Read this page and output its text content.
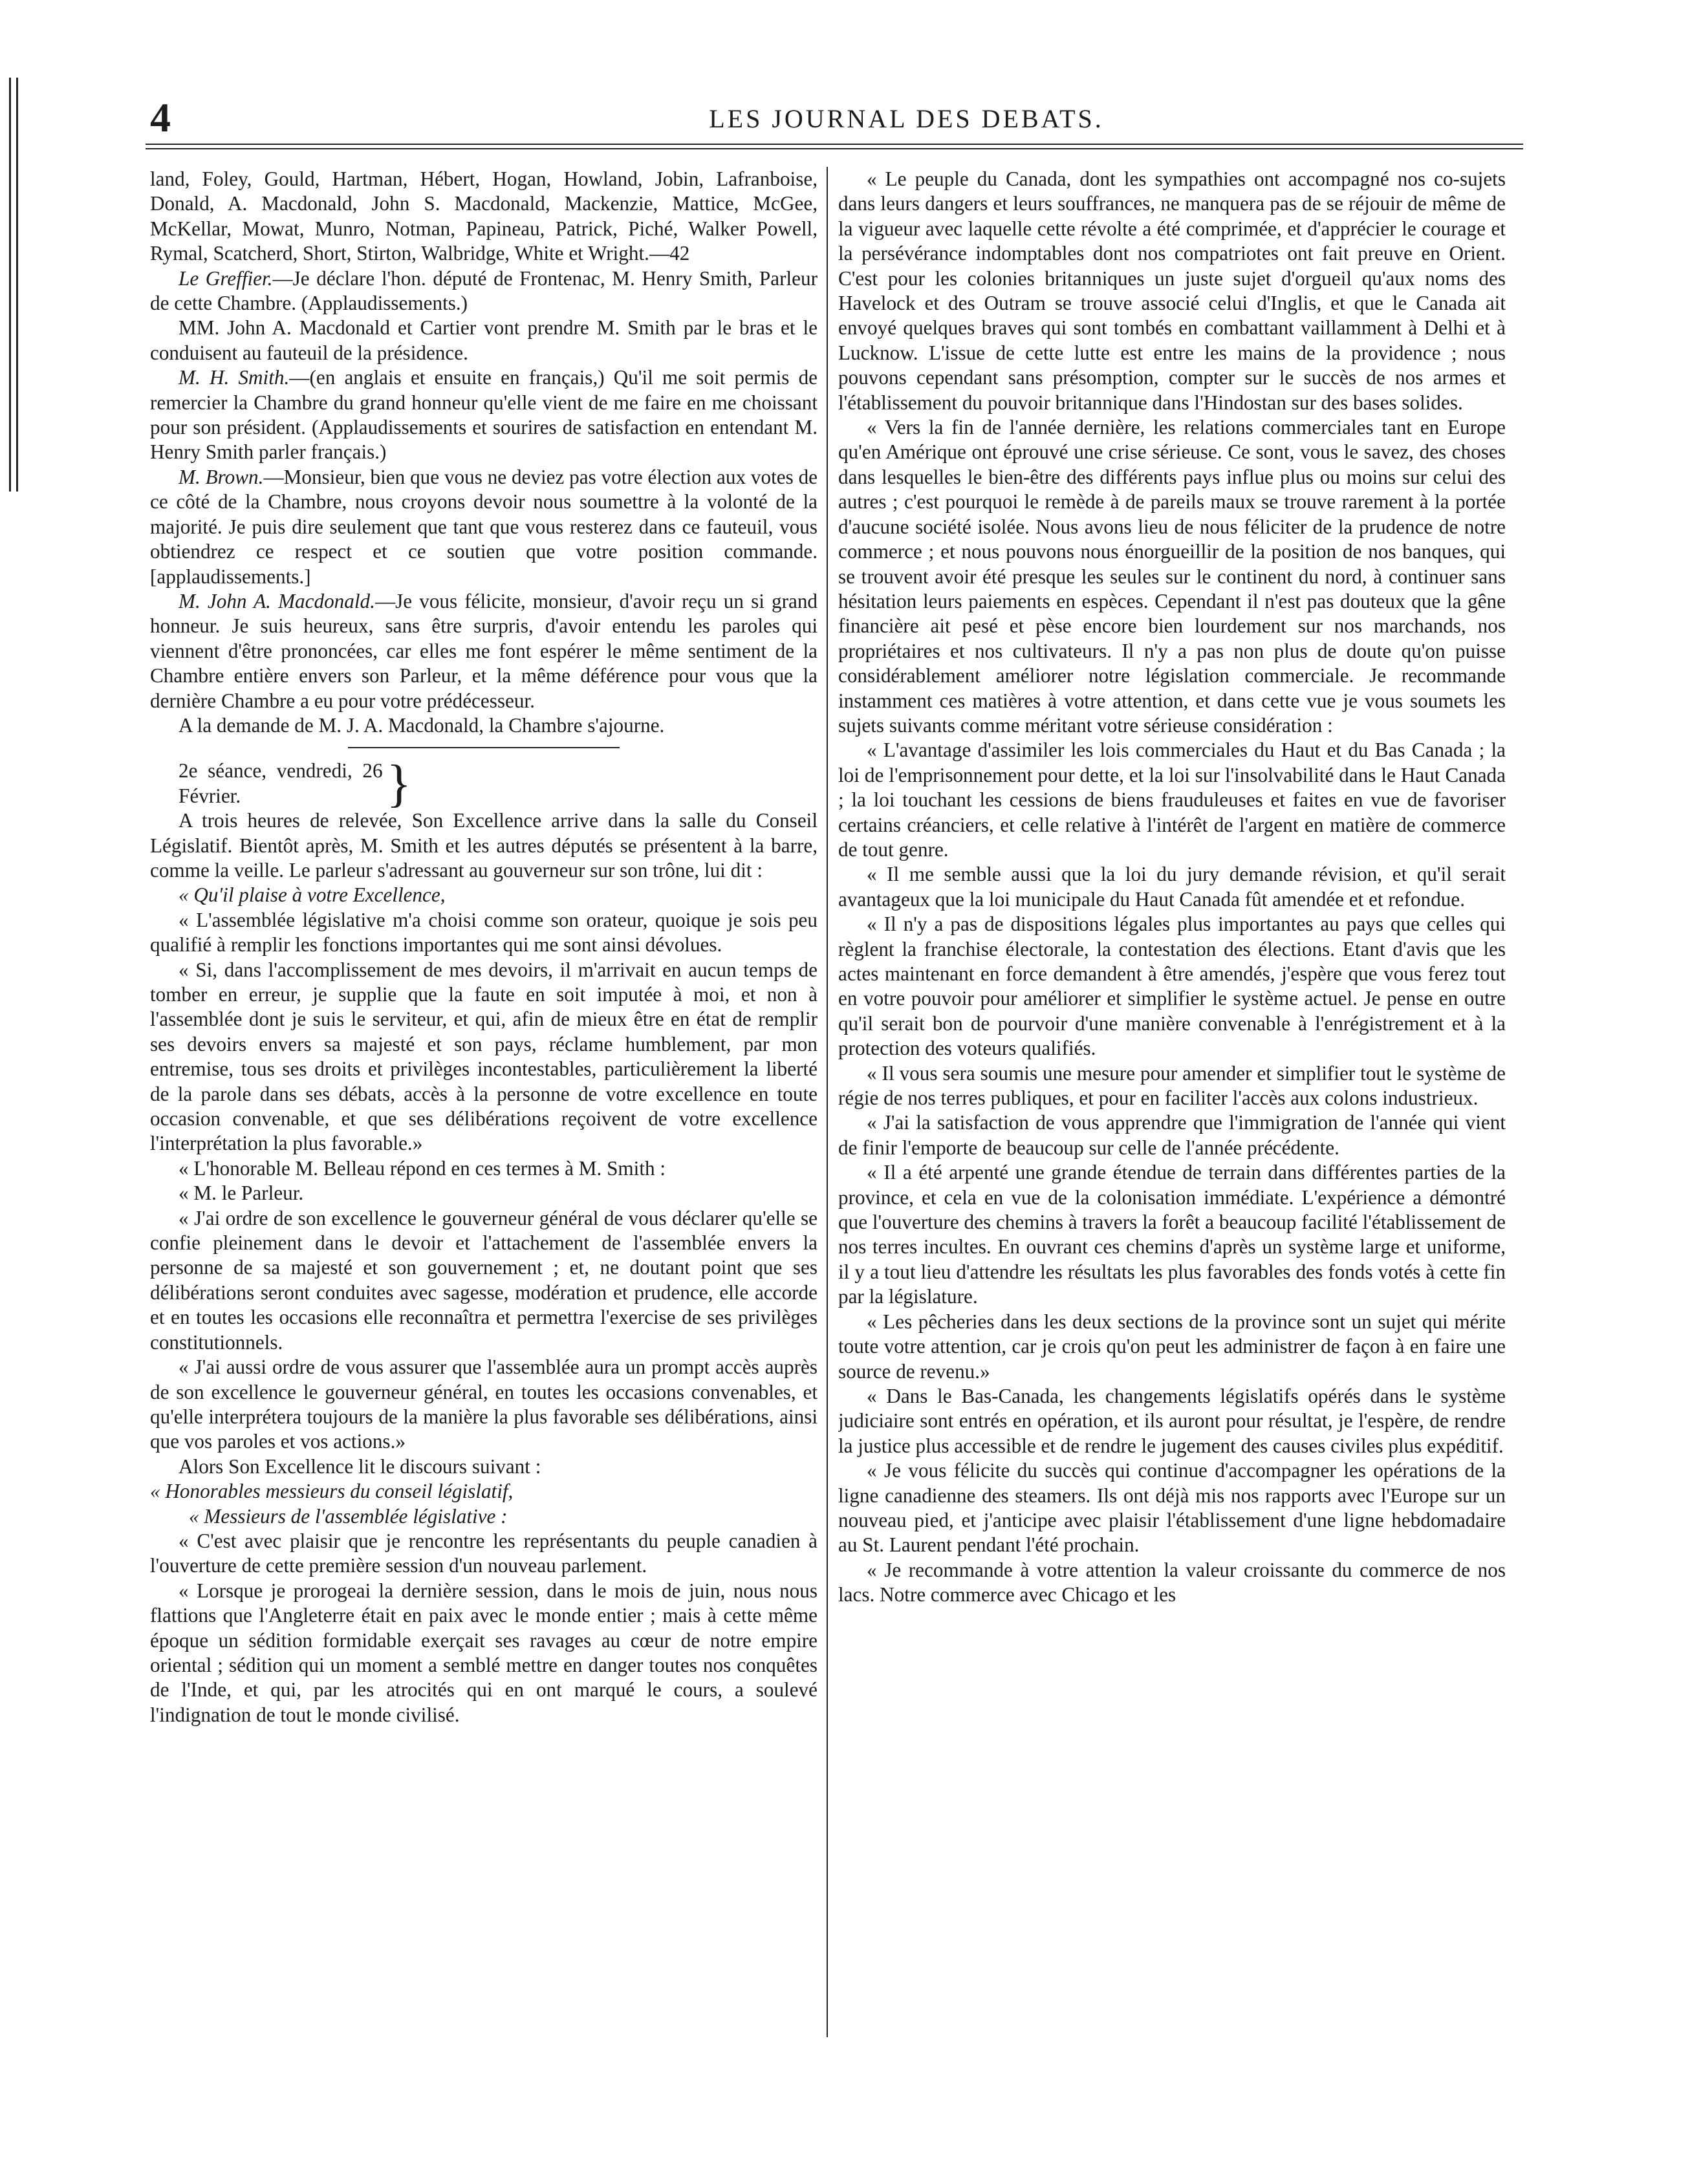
4	LES JOURNAL DES DEBATS.

land, Foley, Gould, Hartman, Hébert, Hogan, Howland, Jobin, Lafranboise, Donald, A. Macdonald, John S. Macdonald, Mackenzie, Mattice, McGee, McKellar, Mowat, Munro, Notman, Papineau, Patrick, Piché, Walker Powell, Rymal, Scatcherd, Short, Stirton, Walbridge, White et Wright.—42

Le Greffier.—Je déclare l'hon. député de Frontenac, M. Henry Smith, Parleur de cette Chambre. (Applaudissements.)

MM. John A. Macdonald et Cartier vont prendre M. Smith par le bras et le conduisent au fauteuil de la présidence.

M. H. Smith.—(en anglais et ensuite en français,) Qu'il me soit permis de remercier la Chambre du grand honneur qu'elle vient de me faire en me choissant pour son président. (Applaudissements et sourires de satisfaction en entendant M. Henry Smith parler français.)

M. Brown.—Monsieur, bien que vous ne deviez pas votre élection aux votes de ce côté de la Chambre, nous croyons devoir nous soumettre à la volonté de la majorité. Je puis dire seulement que tant que vous resterez dans ce fauteuil, vous obtiendrez ce respect et ce soutien que votre position commande. [applaudissements.]

M. John A. Macdonald.—Je vous félicite, monsieur, d'avoir reçu un si grand honneur. Je suis heureux, sans être surpris, d'avoir entendu les paroles qui viennent d'être prononcées, car elles me font espérer le même sentiment de la Chambre entière envers son Parleur, et la même déférence pour vous que la dernière Chambre a eu pour votre prédécesseur.

A la demande de M. J. A. Macdonald, la Chambre s'ajourne.

2e séance, vendredi, 26 Février.	}

A trois heures de relevée, Son Excellence arrive dans la salle du Conseil Législatif. Bientôt après, M. Smith et les autres députés se présentent à la barre, comme la veille. Le parleur s'adressant au gouverneur sur son trône, lui dit :

« Qu'il plaise à votre Excellence,

« L'assemblée législative m'a choisi comme son orateur, quoique je sois peu qualifié à remplir les fonctions importantes qui me sont ainsi dévolues.

« Si, dans l'accomplissement de mes devoirs, il m'arrivait en aucun temps de tomber en erreur, je supplie que la faute en soit imputée à moi, et non à l'assemblée dont je suis le serviteur, et qui, afin de mieux être en état de remplir ses devoirs envers sa majesté et son pays, réclame humblement, par mon entremise, tous ses droits et privilèges incontestables, particulièrement la liberté de la parole dans ses débats, accès à la personne de votre excellence en toute occasion convenable, et que ses délibérations reçoivent de votre excellence l'interprétation la plus favorable.»

« L'honorable M. Belleau répond en ces termes à M. Smith :

« M. le Parleur.

« J'ai ordre de son excellence le gouverneur général de vous déclarer qu'elle se confie pleinement dans le devoir et l'attachement de l'assemblée envers la personne de sa majesté et son gouvernement ; et, ne doutant point que ses délibérations seront conduites avec sagesse, modération et prudence, elle accorde et en toutes les occasions elle reconnaîtra et permettra l'exercise de ses privilèges constitutionnels.

« J'ai aussi ordre de vous assurer que l'assemblée aura un prompt accès auprès de son excellence le gouverneur général, en toutes les occasions convenables, et qu'elle interprétera toujours de la manière la plus favorable ses délibérations, ainsi que vos paroles et vos actions.»

Alors Son Excellence lit le discours suivant :

« Honorables messieurs du conseil législatif,

« Messieurs de l'assemblée législative :

« C'est avec plaisir que je rencontre les représentants du peuple canadien à l'ouverture de cette première session d'un nouveau parlement.

« Lorsque je prorogeai la dernière session, dans le mois de juin, nous nous flattions que l'Angleterre était en paix avec le monde entier ; mais à cette même époque un sédition formidable exerçait ses ravages au cœur de notre empire oriental ; sédition qui un moment a semblé mettre en danger toutes nos conquêtes de l'Inde, et qui, par les atrocités qui en ont marqué le cours, a soulevé l'indignation de tout le monde civilisé.

« Le peuple du Canada, dont les sympathies ont accompagné nos co-sujets dans leurs dangers et leurs souffrances, ne manquera pas de se réjouir de même de la vigueur avec laquelle cette révolte a été comprimée, et d'apprécier le courage et la persévérance indomptables dont nos compatriotes ont fait preuve en Orient. C'est pour les colonies britanniques un juste sujet d'orgueil qu'aux noms des Havelock et des Outram se trouve associé celui d'Inglis, et que le Canada ait envoyé quelques braves qui sont tombés en combattant vaillamment à Delhi et à Lucknow. L'issue de cette lutte est entre les mains de la providence ; nous pouvons cependant sans présomption, compter sur le succès de nos armes et l'établissement du pouvoir britannique dans l'Hindostan sur des bases solides.

« Vers la fin de l'année dernière, les relations commerciales tant en Europe qu'en Amérique ont éprouvé une crise sérieuse. Ce sont, vous le savez, des choses dans lesquelles le bien-être des différents pays influe plus ou moins sur celui des autres ; c'est pourquoi le remède à de pareils maux se trouve rarement à la portée d'aucune société isolée. Nous avons lieu de nous féliciter de la prudence de notre commerce ; et nous pouvons nous énorgueillir de la position de nos banques, qui se trouvent avoir été presque les seules sur le continent du nord, à continuer sans hésitation leurs paiements en espèces. Cependant il n'est pas douteux que la gêne financière ait pesé et pèse encore bien lourdement sur nos marchands, nos propriétaires et nos cultivateurs. Il n'y a pas non plus de doute qu'on puisse considérablement améliorer notre législation commerciale. Je recommande instamment ces matières à votre attention, et dans cette vue je vous soumets les sujets suivants comme méritant votre sérieuse considération :

« L'avantage d'assimiler les lois commerciales du Haut et du Bas Canada ; la loi de l'emprisonnement pour dette, et la loi sur l'insolvabilité dans le Haut Canada ; la loi touchant les cessions de biens frauduleuses et faites en vue de favoriser certains créanciers, et celle relative à l'intérêt de l'argent en matière de commerce de tout genre.

« Il me semble aussi que la loi du jury demande révision, et qu'il serait avantageux que la loi municipale du Haut Canada fût amendée et et refondue.

« Il n'y a pas de dispositions légales plus importantes au pays que celles qui règlent la franchise électorale, la contestation des élections. Etant d'avis que les actes maintenant en force demandent à être amendés, j'espère que vous ferez tout en votre pouvoir pour améliorer et simplifier le système actuel. Je pense en outre qu'il serait bon de pourvoir d'une manière convenable à l'enrégistrement et à la protection des voteurs qualifiés.

« Il vous sera soumis une mesure pour amender et simplifier tout le système de régie de nos terres publiques, et pour en faciliter l'accès aux colons industrieux.

« J'ai la satisfaction de vous apprendre que l'immigration de l'année qui vient de finir l'emporte de beaucoup sur celle de l'année précédente.

« Il a été arpenté une grande étendue de terrain dans différentes parties de la province, et cela en vue de la colonisation immédiate. L'expérience a démontré que l'ouverture des chemins à travers la forêt a beaucoup facilité l'établissement de nos terres incultes. En ouvrant ces chemins d'après un système large et uniforme, il y a tout lieu d'attendre les résultats les plus favorables des fonds votés à cette fin par la législature.

« Les pêcheries dans les deux sections de la province sont un sujet qui mérite toute votre attention, car je crois qu'on peut les administrer de façon à en faire une source de revenu.»

« Dans le Bas-Canada, les changements législatifs opérés dans le système judiciaire sont entrés en opération, et ils auront pour résultat, je l'espère, de rendre la justice plus accessible et de rendre le jugement des causes civiles plus expéditif.

« Je vous félicite du succès qui continue d'accompagner les opérations de la ligne canadienne des steamers. Ils ont déjà mis nos rapports avec l'Europe sur un nouveau pied, et j'anticipe avec plaisir l'établissement d'une ligne hebdomadaire au St. Laurent pendant l'été prochain.

« Je recommande à votre attention la valeur croissante du commerce de nos lacs. Notre commerce avec Chicago et les
